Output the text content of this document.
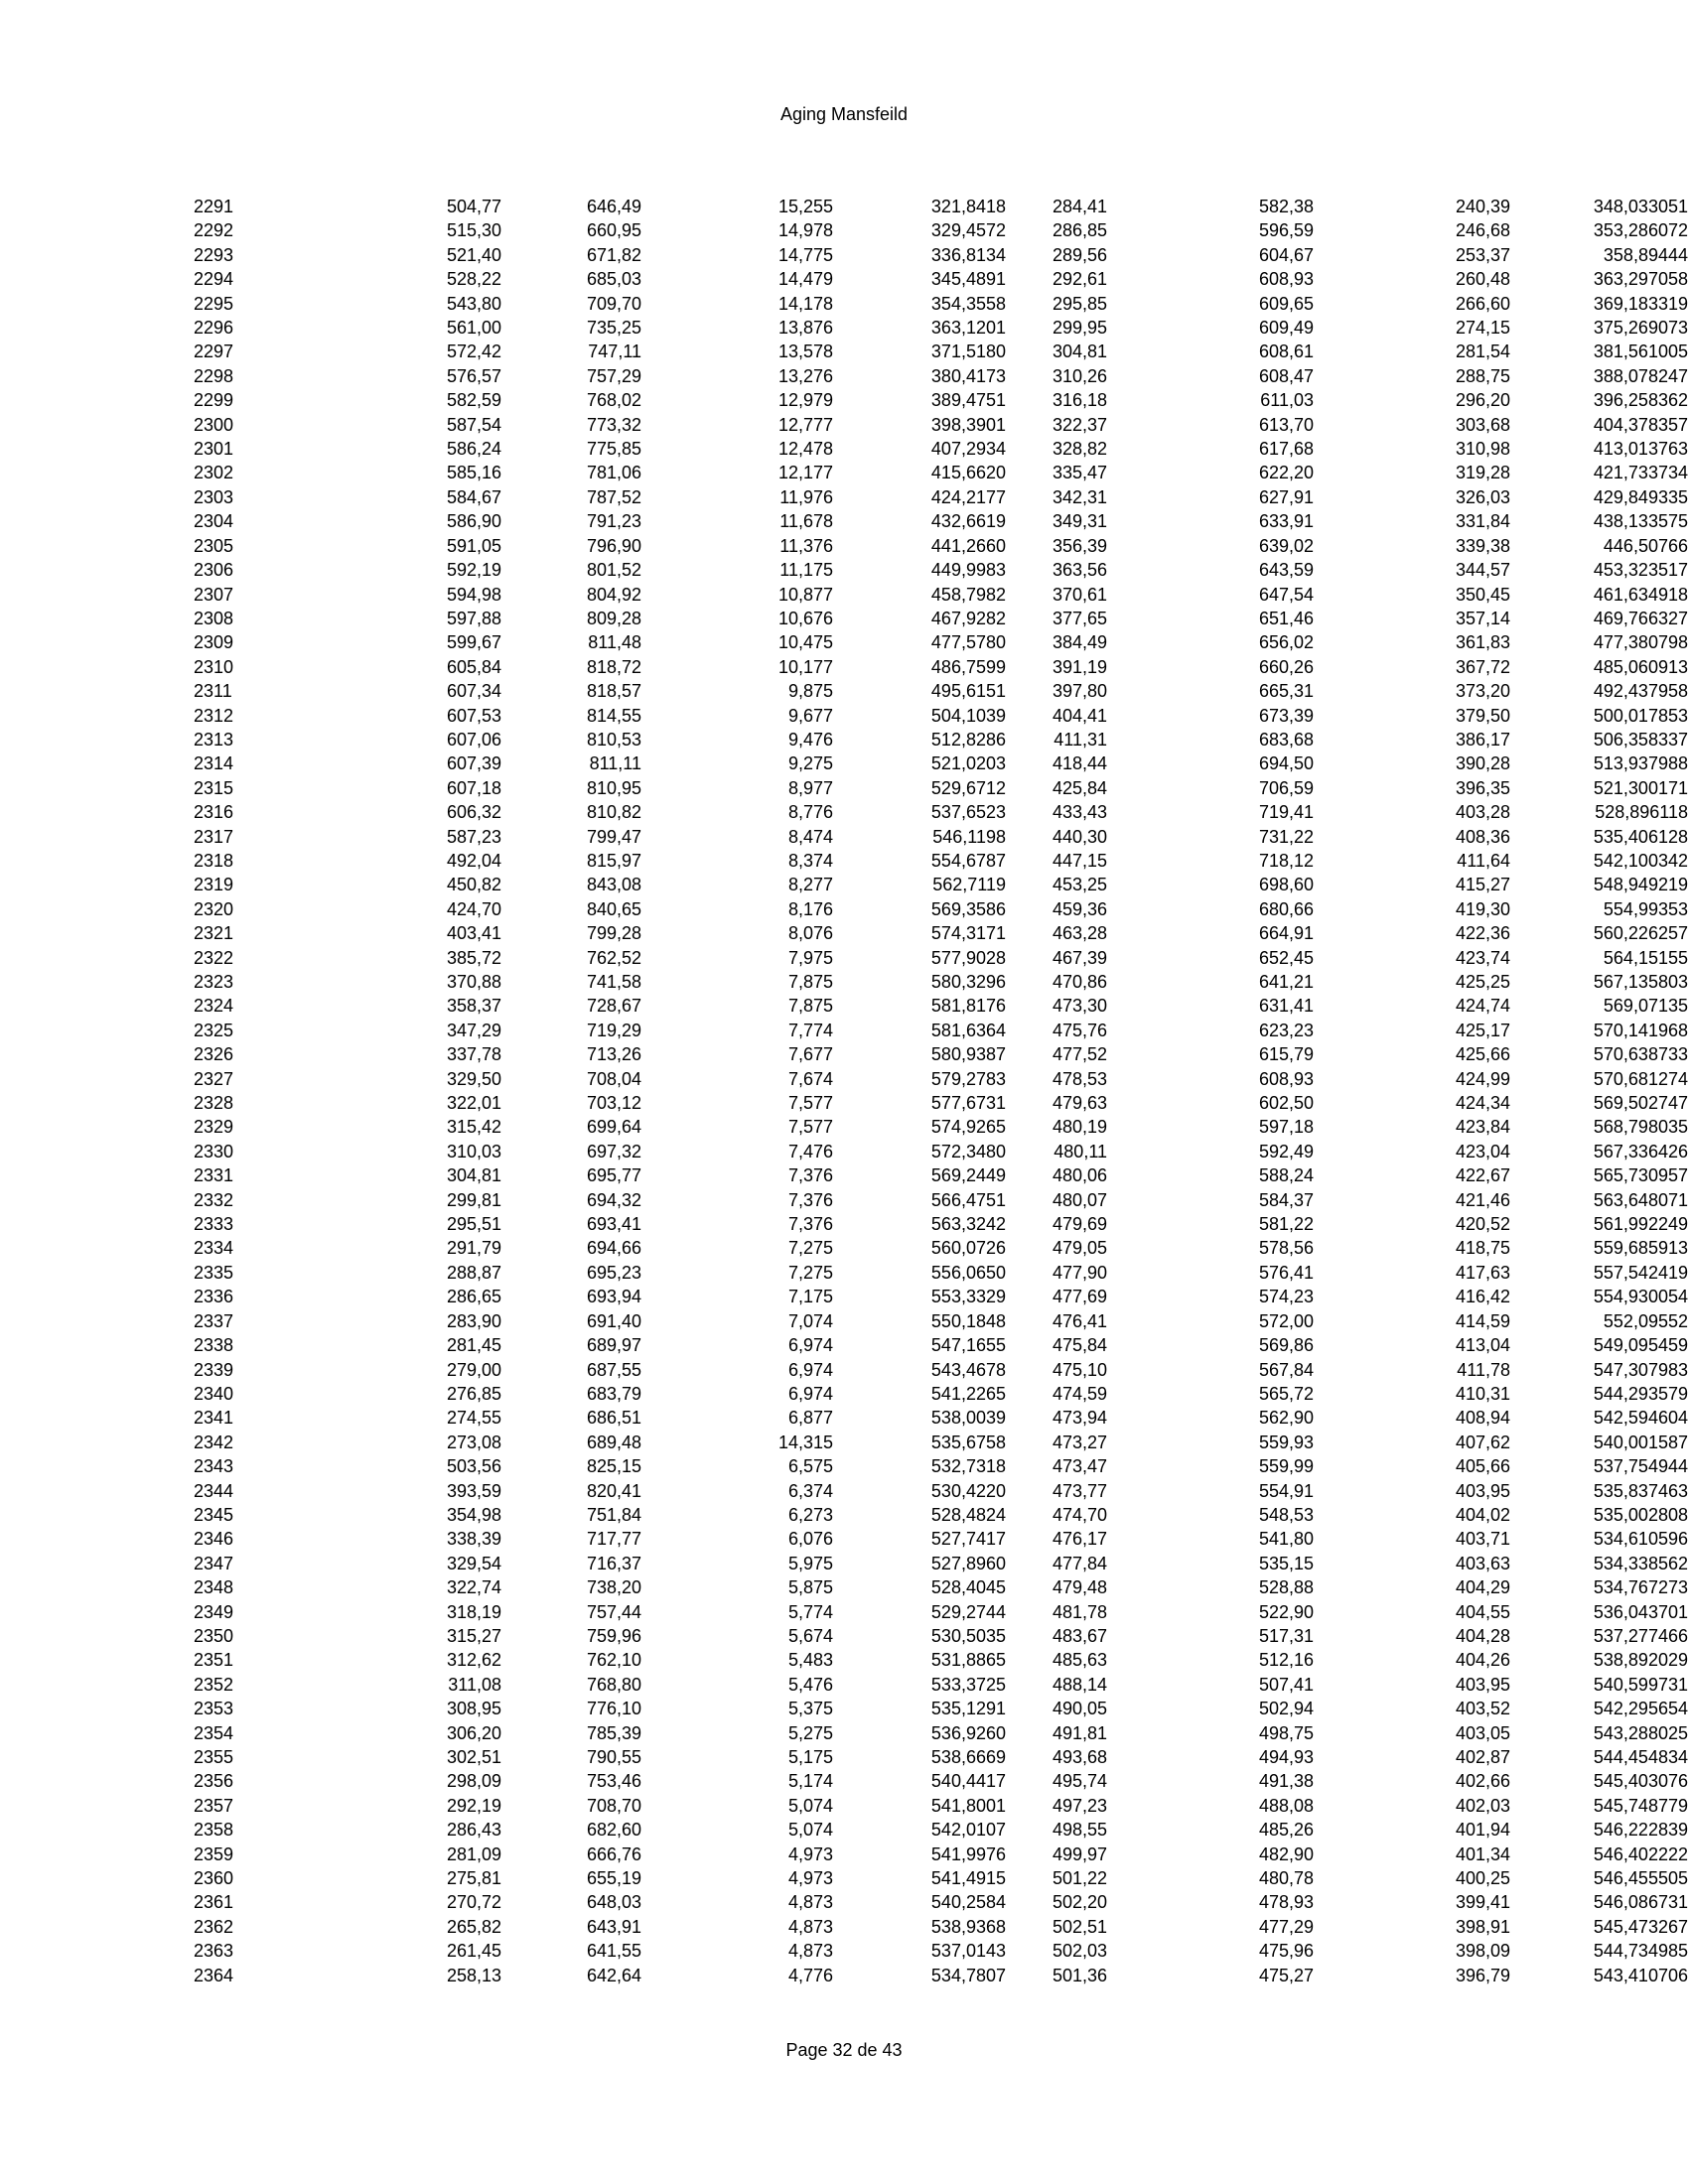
Aging Mansfeild
	2291	504,77	646,49	15,255	321,8418	284,41	582,38	240,39	348,033051
	2292	515,30	660,95	14,978	329,4572	286,85	596,59	246,68	353,286072
	2293	521,40	671,82	14,775	336,8134	289,56	604,67	253,37	358,89444
	2294	528,22	685,03	14,479	345,4891	292,61	608,93	260,48	363,297058
	2295	543,80	709,70	14,178	354,3558	295,85	609,65	266,60	369,183319
	2296	561,00	735,25	13,876	363,1201	299,95	609,49	274,15	375,269073
	2297	572,42	747,11	13,578	371,5180	304,81	608,61	281,54	381,561005
	2298	576,57	757,29	13,276	380,4173	310,26	608,47	288,75	388,078247
	2299	582,59	768,02	12,979	389,4751	316,18	611,03	296,20	396,258362
	2300	587,54	773,32	12,777	398,3901	322,37	613,70	303,68	404,378357
	2301	586,24	775,85	12,478	407,2934	328,82	617,68	310,98	413,013763
	2302	585,16	781,06	12,177	415,6620	335,47	622,20	319,28	421,733734
	2303	584,67	787,52	11,976	424,2177	342,31	627,91	326,03	429,849335
	2304	586,90	791,23	11,678	432,6619	349,31	633,91	331,84	438,133575
	2305	591,05	796,90	11,376	441,2660	356,39	639,02	339,38	446,50766
	2306	592,19	801,52	11,175	449,9983	363,56	643,59	344,57	453,323517
	2307	594,98	804,92	10,877	458,7982	370,61	647,54	350,45	461,634918
	2308	597,88	809,28	10,676	467,9282	377,65	651,46	357,14	469,766327
	2309	599,67	811,48	10,475	477,5780	384,49	656,02	361,83	477,380798
	2310	605,84	818,72	10,177	486,7599	391,19	660,26	367,72	485,060913
	2311	607,34	818,57	9,875	495,6151	397,80	665,31	373,20	492,437958
	2312	607,53	814,55	9,677	504,1039	404,41	673,39	379,50	500,017853
	2313	607,06	810,53	9,476	512,8286	411,31	683,68	386,17	506,358337
	2314	607,39	811,11	9,275	521,0203	418,44	694,50	390,28	513,937988
	2315	607,18	810,95	8,977	529,6712	425,84	706,59	396,35	521,300171
	2316	606,32	810,82	8,776	537,6523	433,43	719,41	403,28	528,896118
	2317	587,23	799,47	8,474	546,1198	440,30	731,22	408,36	535,406128
	2318	492,04	815,97	8,374	554,6787	447,15	718,12	411,64	542,100342
	2319	450,82	843,08	8,277	562,7119	453,25	698,60	415,27	548,949219
	2320	424,70	840,65	8,176	569,3586	459,36	680,66	419,30	554,99353
	2321	403,41	799,28	8,076	574,3171	463,28	664,91	422,36	560,226257
	2322	385,72	762,52	7,975	577,9028	467,39	652,45	423,74	564,15155
	2323	370,88	741,58	7,875	580,3296	470,86	641,21	425,25	567,135803
	2324	358,37	728,67	7,875	581,8176	473,30	631,41	424,74	569,07135
	2325	347,29	719,29	7,774	581,6364	475,76	623,23	425,17	570,141968
	2326	337,78	713,26	7,677	580,9387	477,52	615,79	425,66	570,638733
	2327	329,50	708,04	7,674	579,2783	478,53	608,93	424,99	570,681274
	2328	322,01	703,12	7,577	577,6731	479,63	602,50	424,34	569,502747
	2329	315,42	699,64	7,577	574,9265	480,19	597,18	423,84	568,798035
	2330	310,03	697,32	7,476	572,3480	480,11	592,49	423,04	567,336426
	2331	304,81	695,77	7,376	569,2449	480,06	588,24	422,67	565,730957
	2332	299,81	694,32	7,376	566,4751	480,07	584,37	421,46	563,648071
	2333	295,51	693,41	7,376	563,3242	479,69	581,22	420,52	561,992249
	2334	291,79	694,66	7,275	560,0726	479,05	578,56	418,75	559,685913
	2335	288,87	695,23	7,275	556,0650	477,90	576,41	417,63	557,542419
	2336	286,65	693,94	7,175	553,3329	477,69	574,23	416,42	554,930054
	2337	283,90	691,40	7,074	550,1848	476,41	572,00	414,59	552,09552
	2338	281,45	689,97	6,974	547,1655	475,84	569,86	413,04	549,095459
	2339	279,00	687,55	6,974	543,4678	475,10	567,84	411,78	547,307983
	2340	276,85	683,79	6,974	541,2265	474,59	565,72	410,31	544,293579
	2341	274,55	686,51	6,877	538,0039	473,94	562,90	408,94	542,594604
	2342	273,08	689,48	14,315	535,6758	473,27	559,93	407,62	540,001587
	2343	503,56	825,15	6,575	532,7318	473,47	559,99	405,66	537,754944
	2344	393,59	820,41	6,374	530,4220	473,77	554,91	403,95	535,837463
	2345	354,98	751,84	6,273	528,4824	474,70	548,53	404,02	535,002808
	2346	338,39	717,77	6,076	527,7417	476,17	541,80	403,71	534,610596
	2347	329,54	716,37	5,975	527,8960	477,84	535,15	403,63	534,338562
	2348	322,74	738,20	5,875	528,4045	479,48	528,88	404,29	534,767273
	2349	318,19	757,44	5,774	529,2744	481,78	522,90	404,55	536,043701
	2350	315,27	759,96	5,674	530,5035	483,67	517,31	404,28	537,277466
	2351	312,62	762,10	5,483	531,8865	485,63	512,16	404,26	538,892029
	2352	311,08	768,80	5,476	533,3725	488,14	507,41	403,95	540,599731
	2353	308,95	776,10	5,375	535,1291	490,05	502,94	403,52	542,295654
	2354	306,20	785,39	5,275	536,9260	491,81	498,75	403,05	543,288025
	2355	302,51	790,55	5,175	538,6669	493,68	494,93	402,87	544,454834
	2356	298,09	753,46	5,174	540,4417	495,74	491,38	402,66	545,403076
	2357	292,19	708,70	5,074	541,8001	497,23	488,08	402,03	545,748779
	2358	286,43	682,60	5,074	542,0107	498,55	485,26	401,94	546,222839
	2359	281,09	666,76	4,973	541,9976	499,97	482,90	401,34	546,402222
	2360	275,81	655,19	4,973	541,4915	501,22	480,78	400,25	546,455505
	2361	270,72	648,03	4,873	540,2584	502,20	478,93	399,41	546,086731
	2362	265,82	643,91	4,873	538,9368	502,51	477,29	398,91	545,473267
	2363	261,45	641,55	4,873	537,0143	502,03	475,96	398,09	544,734985
	2364	258,13	642,64	4,776	534,7807	501,36	475,27	396,79	543,410706
Page 32 de 43
